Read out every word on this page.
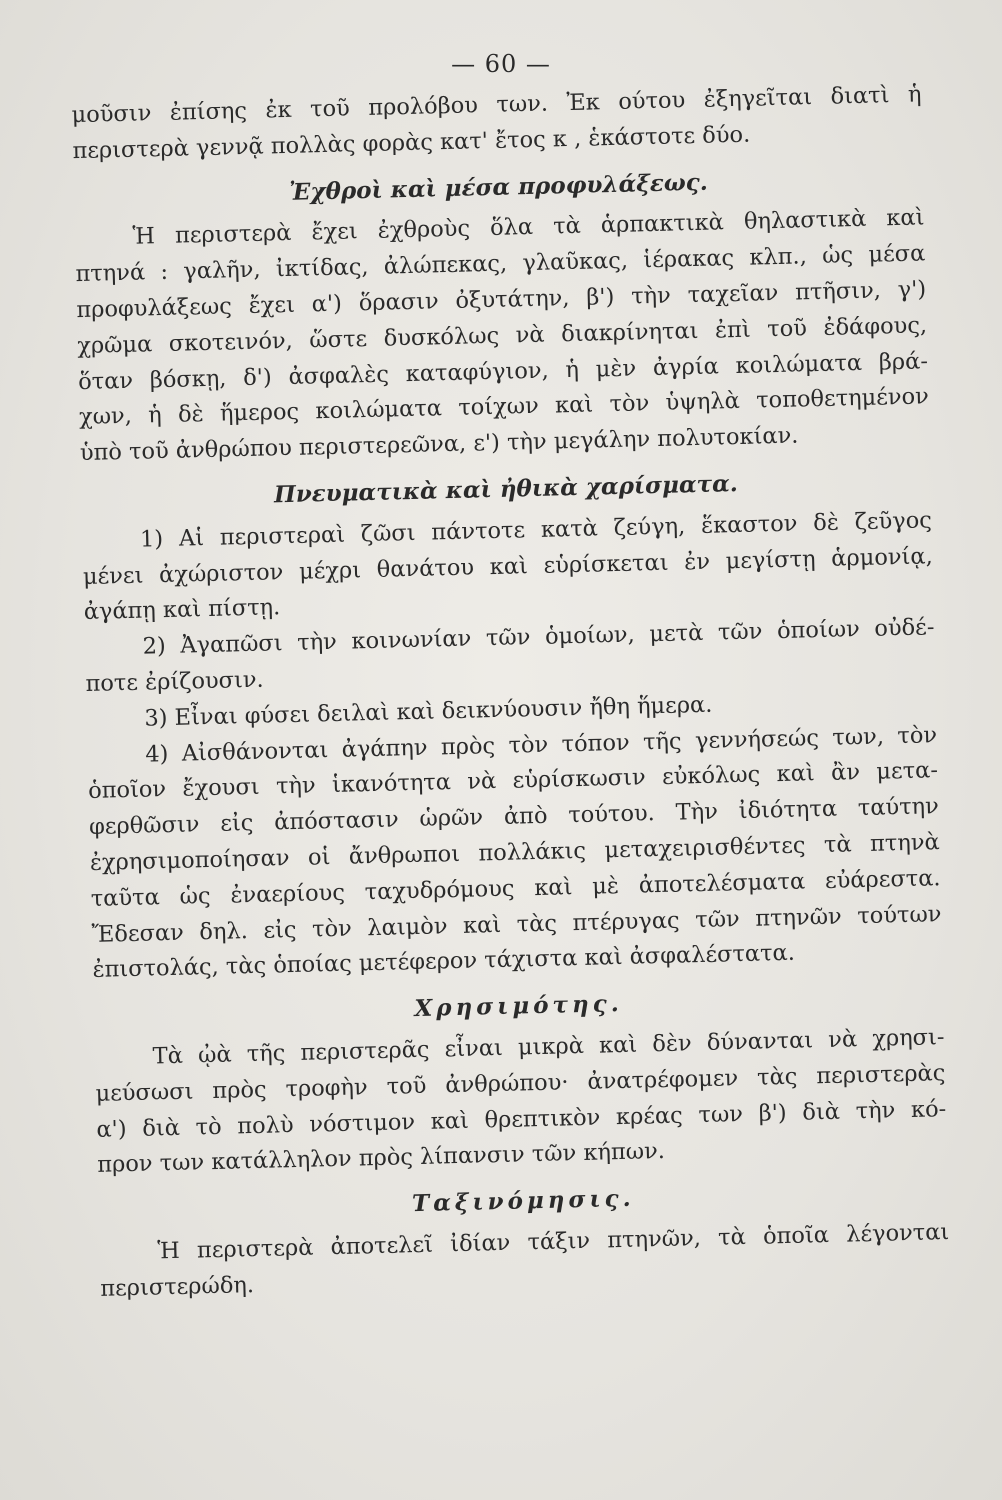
— 60 —
μοῦσιν ἐπίσης ἐκ τοῦ προλόβου των. Ἐκ ούτου ἐξηγεῖται διατὶ ἡ
περιστερὰ γεννᾷ πολλὰς φορὰς κατ' ἔτος κ , ἑκάστοτε δύο.
Ἐχθροὶ καὶ μέσα προφυλάξεως.
Ἡ περιστερὰ ἔχει ἐχθροὺς ὅλα τὰ ἁρπακτικὰ θηλαστικὰ καὶ
πτηνά : γαλῆν, ἰκτίδας, ἀλώπεκας, γλαῦκας, ἱέρακας κλπ., ὡς μέσα
προφυλάξεως ἔχει α') ὅρασιν ὀξυτάτην, β') τὴν ταχεῖαν πτῆσιν, γ')
χρῶμα σκοτεινόν, ὥστε δυσκόλως νὰ διακρίνηται ἐπὶ τοῦ ἐδάφους,
ὅταν βόσκῃ, δ') ἀσφαλὲς καταφύγιον, ἡ μὲν ἀγρία κοιλώματα βρά-
χων, ἡ δὲ ἥμερος κοιλώματα τοίχων καὶ τὸν ὑψηλὰ τοποθετημένον
ὑπὸ τοῦ ἀνθρώπου περιστερεῶνα, ε') τὴν μεγάλην πολυτοκίαν.
Πνευματικὰ καὶ ἠθικὰ χαρίσματα.
1) Αἱ περιστεραὶ ζῶσι πάντοτε κατὰ ζεύγη, ἕκαστον δὲ ζεῦγος
μένει ἀχώριστον μέχρι θανάτου καὶ εὑρίσκεται ἐν μεγίστῃ ἁρμονίᾳ,
ἀγάπῃ καὶ πίστῃ.
2) Ἀγαπῶσι τὴν κοινωνίαν τῶν ὁμοίων, μετὰ τῶν ὁποίων οὐδέ-
ποτε ἐρίζουσιν.
3) Εἶναι φύσει δειλαὶ καὶ δεικνύουσιν ἤθη ἥμερα.
4) Αἰσθάνονται ἀγάπην πρὸς τὸν τόπον τῆς γεννήσεώς των, τὸν
ὁποῖον ἔχουσι τὴν ἱκανότητα νὰ εὑρίσκωσιν εὐκόλως καὶ ἂν μετα-
φερθῶσιν εἰς ἀπόστασιν ὡρῶν ἀπὸ τούτου. Τὴν ἰδιότητα ταύτην
ἐχρησιμοποίησαν οἱ ἄνθρωποι πολλάκις μεταχειρισθέντες τὰ πτηνὰ
ταῦτα ὡς ἐναερίους ταχυδρόμους καὶ μὲ ἀποτελέσματα εὐάρεστα.
Ἔδεσαν δηλ. εἰς τὸν λαιμὸν καὶ τὰς πτέρυγας τῶν πτηνῶν τούτων
ἐπιστολάς, τὰς ὁποίας μετέφερον τάχιστα καὶ ἀσφαλέστατα.
Χρησιμότης.
Τὰ ᾠὰ τῆς περιστερᾶς εἶναι μικρὰ καὶ δὲν δύνανται νὰ χρησι-
μεύσωσι πρὸς τροφὴν τοῦ ἀνθρώπου· ἀνατρέφομεν τὰς περιστερὰς
α') διὰ τὸ πολὺ νόστιμον καὶ θρεπτικὸν κρέας των β') διὰ τὴν κό-
προν των κατάλληλον πρὸς λίπανσιν τῶν κήπων.
Ταξινόμησις.
Ἡ περιστερὰ ἀποτελεῖ ἰδίαν τάξιν πτηνῶν, τὰ ὁποῖα λέγονται
περιστερώδη.
